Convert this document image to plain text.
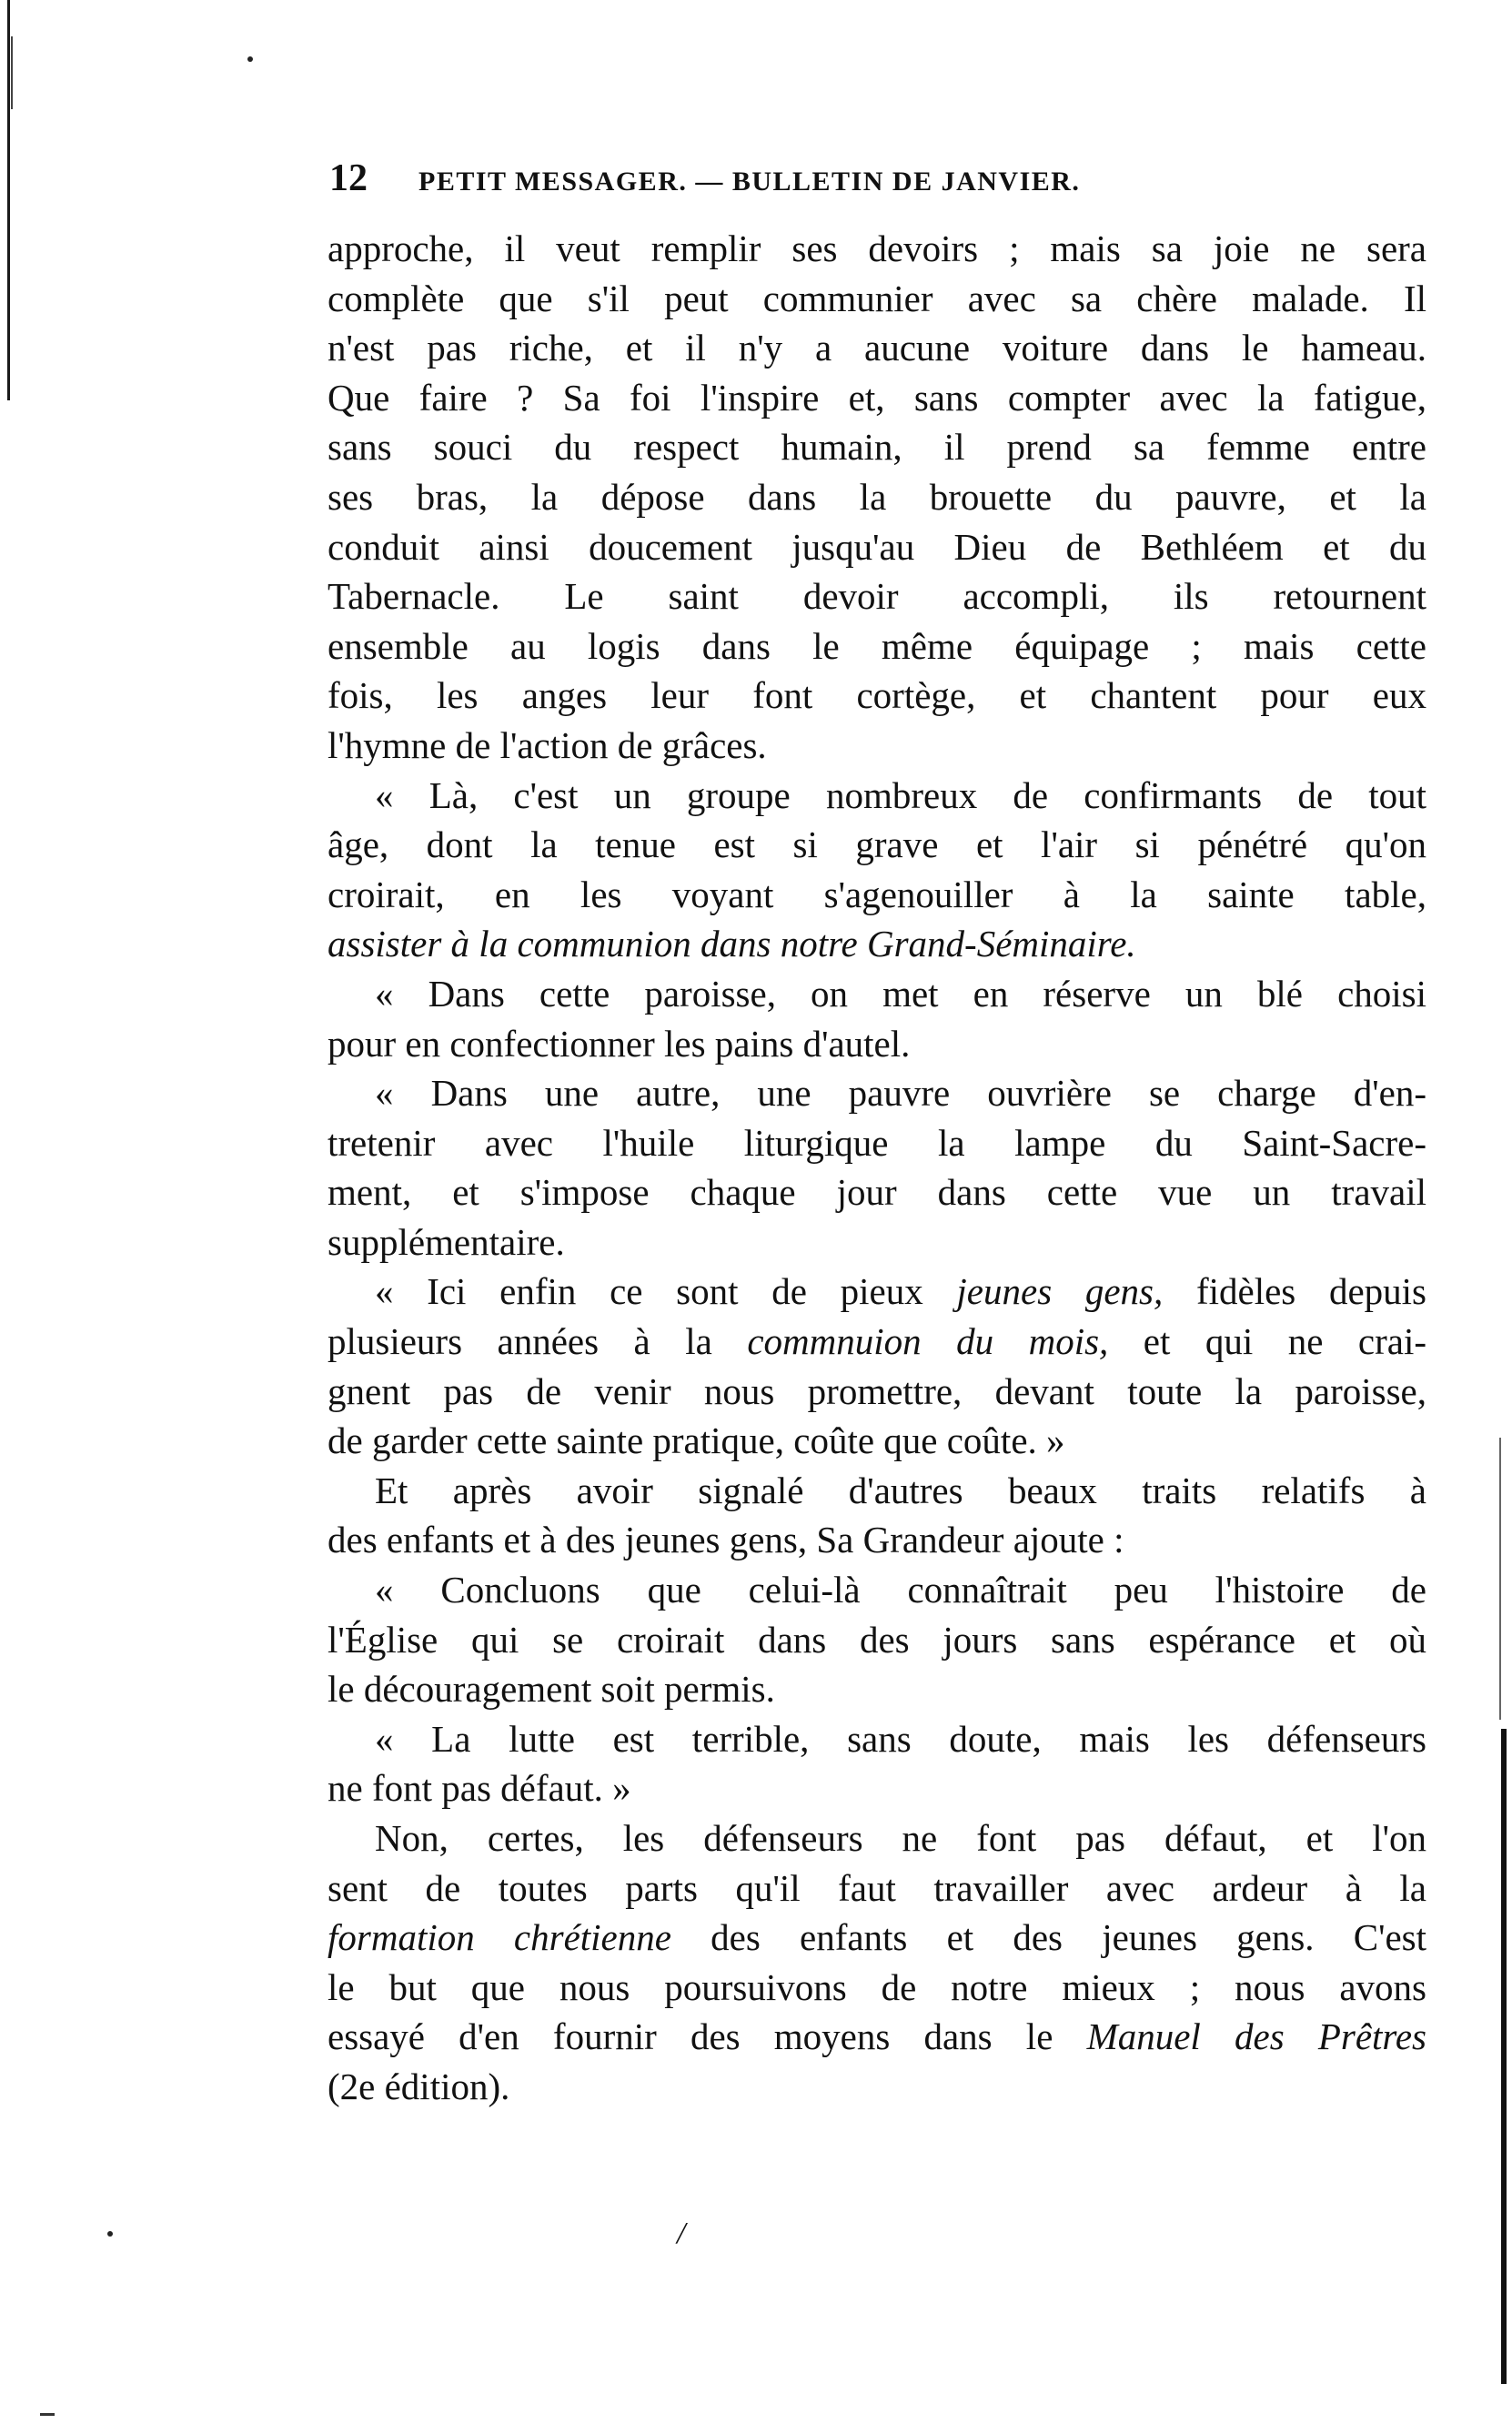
12 PETIT MESSAGER. — BULLETIN DE JANVIER.
approche, il veut remplir ses devoirs ; mais sa joie ne sera
complète que s'il peut communier avec sa chère malade. Il
n'est pas riche, et il n'y a aucune voiture dans le hameau.
Que faire ? Sa foi l'inspire et, sans compter avec la fatigue,
sans souci du respect humain, il prend sa femme entre
ses bras, la dépose dans la brouette du pauvre, et la
conduit ainsi doucement jusqu'au Dieu de Bethléem et du
Tabernacle. Le saint devoir accompli, ils retournent
ensemble au logis dans le même équipage ; mais cette
fois, les anges leur font cortège, et chantent pour eux
l'hymne de l'action de grâces.
« Là, c'est un groupe nombreux de confirmants de tout
âge, dont la tenue est si grave et l'air si pénétré qu'on
croirait, en les voyant s'agenouiller à la sainte table,
assister à la communion dans notre Grand-Séminaire.
« Dans cette paroisse, on met en réserve un blé choisi
pour en confectionner les pains d'autel.
« Dans une autre, une pauvre ouvrière se charge d'en-
tretenir avec l'huile liturgique la lampe du Saint-Sacre-
ment, et s'impose chaque jour dans cette vue un travail
supplémentaire.
« Ici enfin ce sont de pieux jeunes gens, fidèles depuis
plusieurs années à la commnuion du mois, et qui ne crai-
gnent pas de venir nous promettre, devant toute la paroisse,
de garder cette sainte pratique, coûte que coûte. »
Et après avoir signalé d'autres beaux traits relatifs à
des enfants et à des jeunes gens, Sa Grandeur ajoute :
« Concluons que celui-là connaîtrait peu l'histoire de
l'Église qui se croirait dans des jours sans espérance et où
le découragement soit permis.
« La lutte est terrible, sans doute, mais les défenseurs
ne font pas défaut. »
Non, certes, les défenseurs ne font pas défaut, et l'on
sent de toutes parts qu'il faut travailler avec ardeur à la
formation chrétienne des enfants et des jeunes gens. C'est
le but que nous poursuivons de notre mieux ; nous avons
essayé d'en fournir des moyens dans le Manuel des Prêtres
(2e édition).
/
